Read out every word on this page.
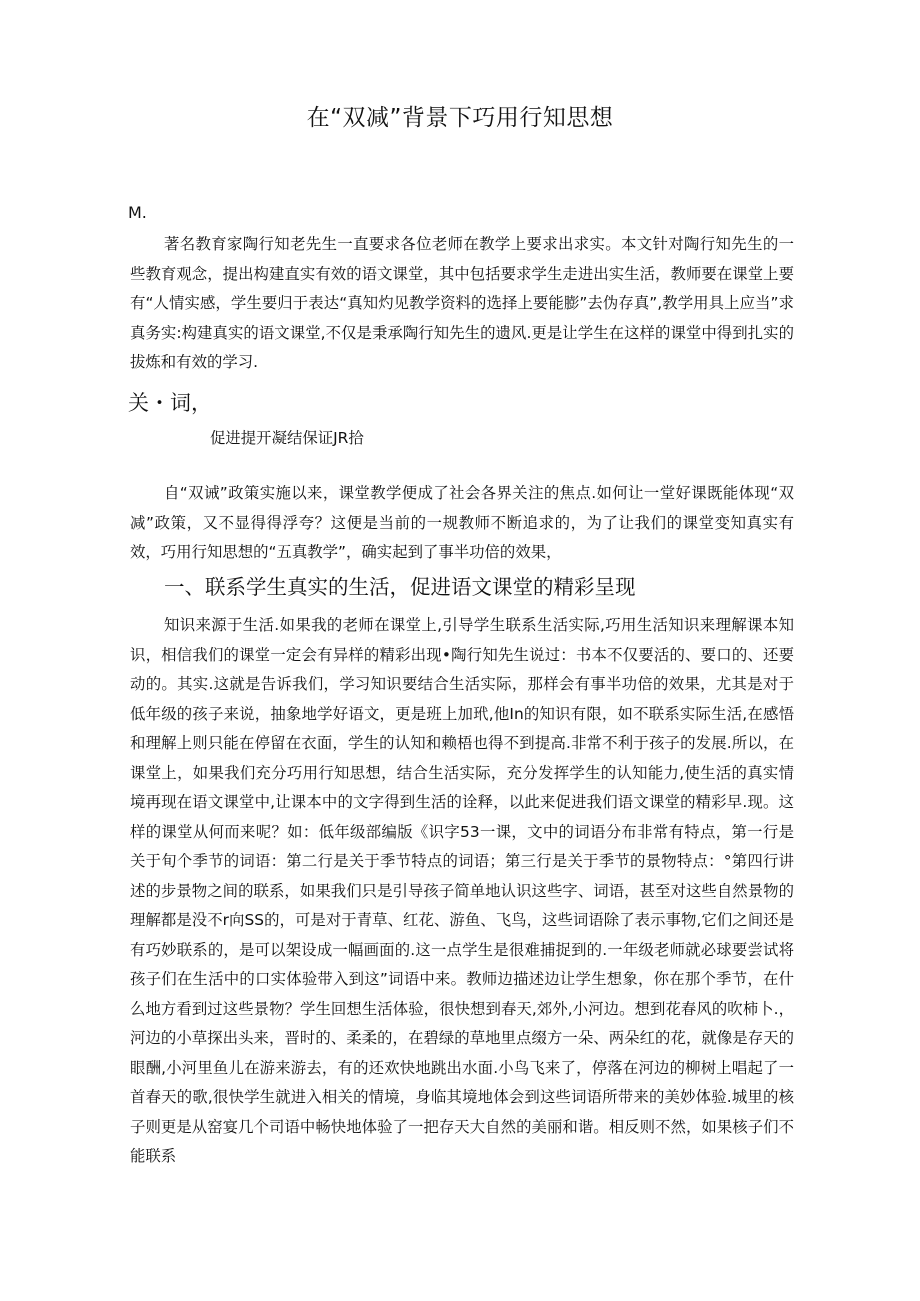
在“双减”背景下巧用行知思想
M.

著名教育家陶行知老先生一直要求各位老师在教学上要求出求实。本文针对陶行知先生的一些教育观念，提出构建直实有效的语文课堂，其中包括要求学生走进出实生活，教师要在课堂上要有“人情实感，学生要归于表达“真知灼见教学资料的选择上要能膨”去伪存真”,教学用具上应当”求真务实:构建真实的语文课堂,不仅是秉承陶行知先生的遗风.更是让学生在这样的课堂中得到扎实的拔炼和有效的学习.

关・词，
促进提开凝结保证JR拾

自“双诫”政策实施以来，课堂教学便成了社会各界关注的焦点.如何让一堂好课既能体现“双减”政策，又不显得得浮夸？这便是当前的一规教师不断追求的，为了让我们的课堂变知真实有效，巧用行知思想的“五真教学”，确实起到了事半功倍的效果，

一、联系学生真实的生活，促进语文课堂的精彩呈现

知识来源于生活.如果我的老师在课堂上,引导学生联系生活实际,巧用生活知识来理解课本知识，相信我们的课堂一定会有异样的精彩出现•陶行知先生说过：书本不仅要活的、要口的、还要动的。其实.这就是告诉我们，学习知识要结合生活实际，那样会有事半功倍的效果，尤其是对于低年级的孩子来说，抽象地学好语文，更是班上加玳,他In的知识有限，如不联系实际生活,在感悟和理解上则只能在停留在衣面，学生的认知和赖梧也得不到提高.非常不利于孩子的发展.所以，在课堂上，如果我们充分巧用行知思想，结合生活实际，充分发挥学生的认知能力,使生活的真实情境再现在语文课堂中,让课本中的文字得到生活的诠释，以此来促进我们语文课堂的精彩早.现。这样的课堂从何而来呢？如：低年级部编版《识字53一课，文中的词语分布非常有特点，第一行是关于旬个季节的词语：第二行是关于季节特点的词语；第三行是关于季节的景物特点：°第四行讲述的步景物之间的联系，如果我们只是引导孩子简单地认识这些字、词语，甚至对这些自然景物的理解都是没不r向SS的，可是对于青草、红花、游鱼、飞鸟，这些词语除了表示事物,它们之间还是有巧妙联系的，是可以架设成一幅画面的.这一点学生是很难捕捉到的.一年级老师就必球要尝试将孩子们在生活中的口实体验带入到这”词语中来。教师边描述边让学生想象，你在那个季节，在什么地方看到过这些景物？学生回想生活体验，很快想到春天,郊外,小河边。想到花春风的吹柿卜.，河边的小草探出头来，晋时的、柔柔的，在碧绿的草地里点缀方一朵、两朵红的花，就像是存天的眼酬,小河里鱼儿在游来游去，有的还欢快地跳出水面.小鸟飞来了，停落在河边的柳树上唱起了一首春天的歌,很快学生就进入相关的情境，身临其境地体会到这些词语所带来的美妙体验.城里的核子则更是从窑宴几个司语中畅快地体验了一把存天大自然的美丽和谐。相反则不然，如果核子们不能联系
